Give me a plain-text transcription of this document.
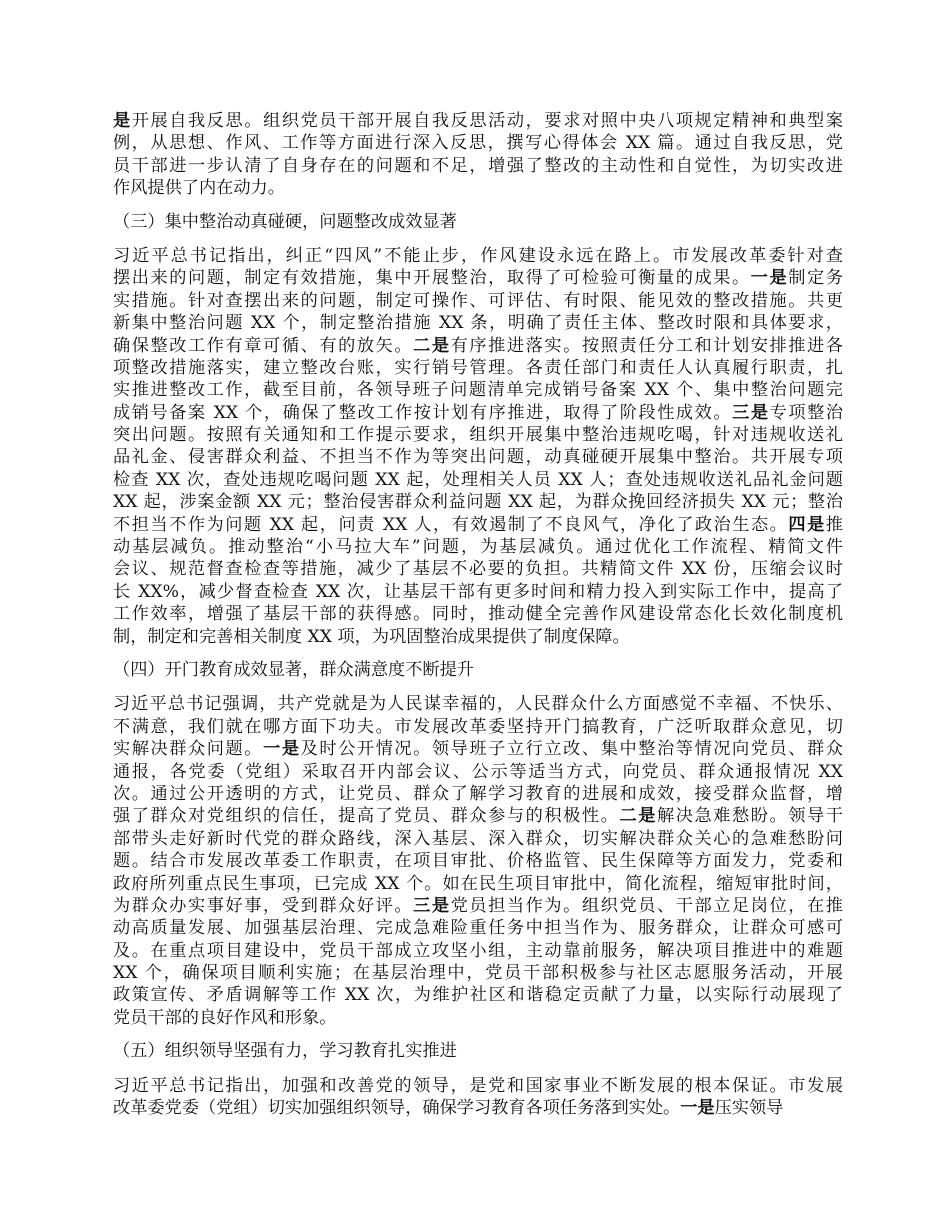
是开展自我反思。组织党员干部开展自我反思活动，要求对照中央八项规定精神和典型案
例，从思想、作风、工作等方面进行深入反思，撰写心得体会 XX 篇。通过自我反思，党
员干部进一步认清了自身存在的问题和不足，增强了整改的主动性和自觉性，为切实改进
作风提供了内在动力。
（三）集中整治动真碰硬，问题整改成效显著
习近平总书记指出，纠正“四风”不能止步，作风建设永远在路上。市发展改革委针对查
摆出来的问题，制定有效措施，集中开展整治，取得了可检验可衡量的成果。一是制定务
实措施。针对查摆出来的问题，制定可操作、可评估、有时限、能见效的整改措施。共更
新集中整治问题 XX 个，制定整治措施 XX 条，明确了责任主体、整改时限和具体要求，
确保整改工作有章可循、有的放矢。二是有序推进落实。按照责任分工和计划安排推进各
项整改措施落实，建立整改台账，实行销号管理。各责任部门和责任人认真履行职责，扎
实推进整改工作，截至目前，各领导班子问题清单完成销号备案 XX 个、集中整治问题完
成销号备案 XX 个，确保了整改工作按计划有序推进，取得了阶段性成效。三是专项整治
突出问题。按照有关通知和工作提示要求，组织开展集中整治违规吃喝，针对违规收送礼
品礼金、侵害群众利益、不担当不作为等突出问题，动真碰硬开展集中整治。共开展专项
检查 XX 次，查处违规吃喝问题 XX 起，处理相关人员 XX 人；查处违规收送礼品礼金问题
XX 起，涉案金额 XX 元；整治侵害群众利益问题 XX 起，为群众挽回经济损失 XX 元；整治
不担当不作为问题 XX 起，问责 XX 人，有效遏制了不良风气，净化了政治生态。四是推
动基层减负。推动整治“小马拉大车”问题，为基层减负。通过优化工作流程、精简文件
会议、规范督查检查等措施，减少了基层不必要的负担。共精简文件 XX 份，压缩会议时
长 XX%，减少督查检查 XX 次，让基层干部有更多时间和精力投入到实际工作中，提高了
工作效率，增强了基层干部的获得感。同时，推动健全完善作风建设常态化长效化制度机
制，制定和完善相关制度 XX 项，为巩固整治成果提供了制度保障。
（四）开门教育成效显著，群众满意度不断提升
习近平总书记强调，共产党就是为人民谋幸福的，人民群众什么方面感觉不幸福、不快乐、
不满意，我们就在哪方面下功夫。市发展改革委坚持开门搞教育，广泛听取群众意见，切
实解决群众问题。一是及时公开情况。领导班子立行立改、集中整治等情况向党员、群众
通报，各党委（党组）采取召开内部会议、公示等适当方式，向党员、群众通报情况 XX
次。通过公开透明的方式，让党员、群众了解学习教育的进展和成效，接受群众监督，增
强了群众对党组织的信任，提高了党员、群众参与的积极性。二是解决急难愁盼。领导干
部带头走好新时代党的群众路线，深入基层、深入群众，切实解决群众关心的急难愁盼问
题。结合市发展改革委工作职责，在项目审批、价格监管、民生保障等方面发力，党委和
政府所列重点民生事项，已完成 XX 个。如在民生项目审批中，简化流程，缩短审批时间，
为群众办实事好事，受到群众好评。三是党员担当作为。组织党员、干部立足岗位，在推
动高质量发展、加强基层治理、完成急难险重任务中担当作为、服务群众，让群众可感可
及。在重点项目建设中，党员干部成立攻坚小组，主动靠前服务，解决项目推进中的难题
XX 个，确保项目顺利实施；在基层治理中，党员干部积极参与社区志愿服务活动，开展
政策宣传、矛盾调解等工作 XX 次，为维护社区和谐稳定贡献了力量，以实际行动展现了
党员干部的良好作风和形象。
（五）组织领导坚强有力，学习教育扎实推进
习近平总书记指出，加强和改善党的领导，是党和国家事业不断发展的根本保证。市发展
改革委党委（党组）切实加强组织领导，确保学习教育各项任务落到实处。一是压实领导
